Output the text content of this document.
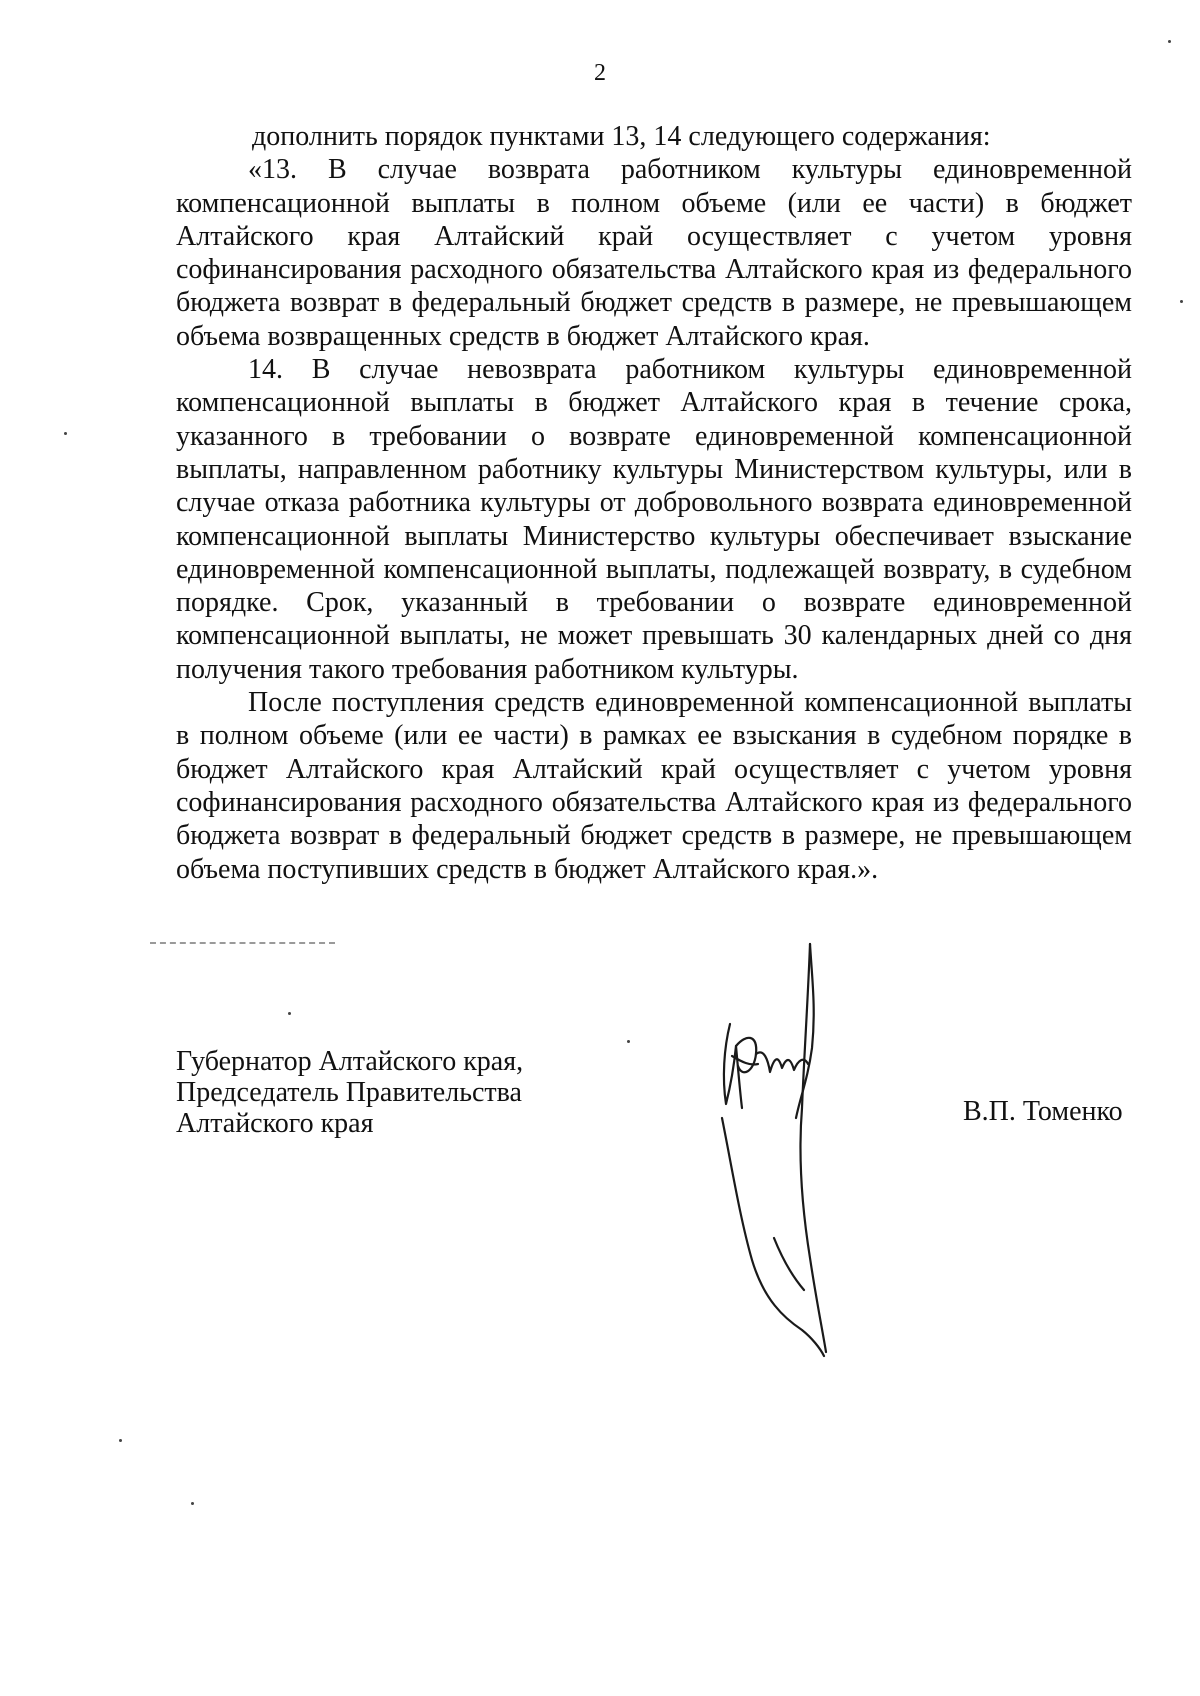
2

дополнить порядок пунктами 13, 14 следующего содержания:

«13. В случае возврата работником культуры единовременной компенсационной выплаты в полном объеме (или ее части) в бюджет Алтайского края Алтайский край осуществляет с учетом уровня софинансирования расходного обязательства Алтайского края из федерального бюджета возврат в федеральный бюджет средств в размере, не превышающем объема возвращенных средств в бюджет Алтайского края.

14. В случае невозврата работником культуры единовременной компенсационной выплаты в бюджет Алтайского края в течение срока, указанного в требовании о возврате единовременной компенсационной выплаты, направленном работнику культуры Министерством культуры, или в случае отказа работника культуры от добровольного возврата единовременной компенсационной выплаты Министерство культуры обеспечивает взыскание единовременной компенсационной выплаты, подлежащей возврату, в судебном порядке. Срок, указанный в требовании о возврате единовременной компенсационной выплаты, не может превышать 30 календарных дней со дня получения такого требования работником культуры.

После поступления средств единовременной компенсационной выплаты в полном объеме (или ее части) в рамках ее взыскания в судебном порядке в бюджет Алтайского края Алтайский край осуществляет с учетом уровня софинансирования расходного обязательства Алтайского края из федерального бюджета возврат в федеральный бюджет средств в размере, не превышающем объема поступивших средств в бюджет Алтайского края.».

Губернатор Алтайского края,
Председатель Правительства
Алтайского края	В.П. Томенко
